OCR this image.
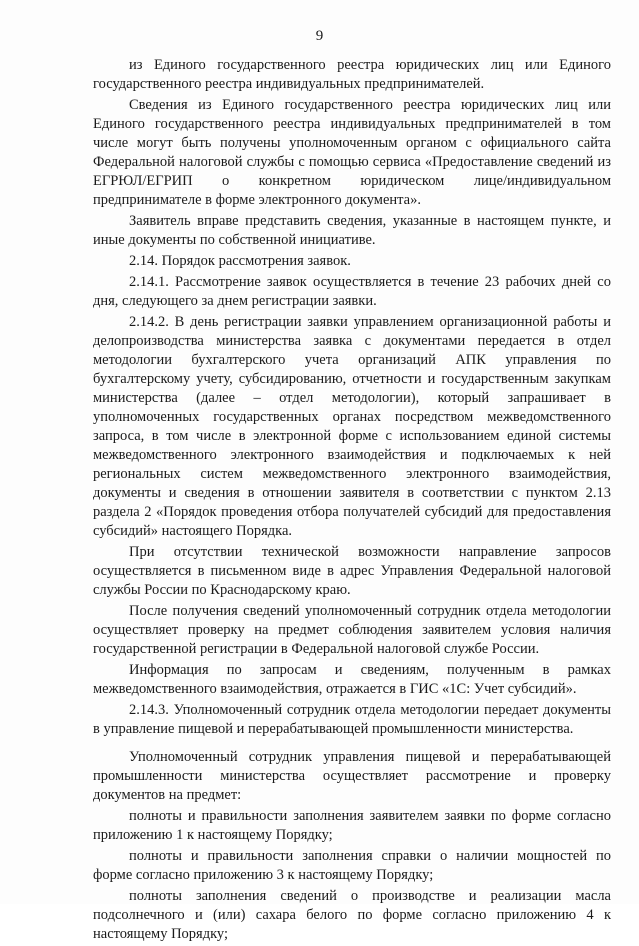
9

из Единого государственного реестра юридических лиц или Единого государственного реестра индивидуальных предпринимателей.

Сведения из Единого государственного реестра юридических лиц или Единого государственного реестра индивидуальных предпринимателей в том числе могут быть получены уполномоченным органом с официального сайта Федеральной налоговой службы с помощью сервиса «Предоставление сведений из ЕГРЮЛ/ЕГРИП о конкретном юридическом лице/индивидуальном предпринимателе в форме электронного документа».

Заявитель вправе представить сведения, указанные в настоящем пункте, и иные документы по собственной инициативе.

2.14. Порядок рассмотрения заявок.

2.14.1. Рассмотрение заявок осуществляется в течение 23 рабочих дней со дня, следующего за днем регистрации заявки.

2.14.2. В день регистрации заявки управлением организационной работы и делопроизводства министерства заявка с документами передается в отдел методологии бухгалтерского учета организаций АПК управления по бухгалтерскому учету, субсидированию, отчетности и государственным закупкам министерства (далее – отдел методологии), который запрашивает в уполномоченных государственных органах посредством межведомственного запроса, в том числе в электронной форме с использованием единой системы межведомственного электронного взаимодействия и подключаемых к ней региональных систем межведомственного электронного взаимодействия, документы и сведения в отношении заявителя в соответствии с пунктом 2.13 раздела 2 «Порядок проведения отбора получателей субсидий для предоставления субсидий» настоящего Порядка.

При отсутствии технической возможности направление запросов осуществляется в письменном виде в адрес Управления Федеральной налоговой службы России по Краснодарскому краю.

После получения сведений уполномоченный сотрудник отдела методологии осуществляет проверку на предмет соблюдения заявителем условия наличия государственной регистрации в Федеральной налоговой службе России.

Информация по запросам и сведениям, полученным в рамках межведомственного взаимодействия, отражается в ГИС «1С: Учет субсидий».

2.14.3. Уполномоченный сотрудник отдела методологии передает документы в управление пищевой и перерабатывающей промышленности министерства.

Уполномоченный сотрудник управления пищевой и перерабатывающей промышленности министерства осуществляет рассмотрение и проверку документов на предмет:

полноты и правильности заполнения заявителем заявки по форме согласно приложению 1 к настоящему Порядку;

полноты и правильности заполнения справки о наличии мощностей по форме согласно приложению 3 к настоящему Порядку;

полноты заполнения сведений о производстве и реализации масла подсолнечного и (или) сахара белого по форме согласно приложению 4 к настоящему Порядку;
